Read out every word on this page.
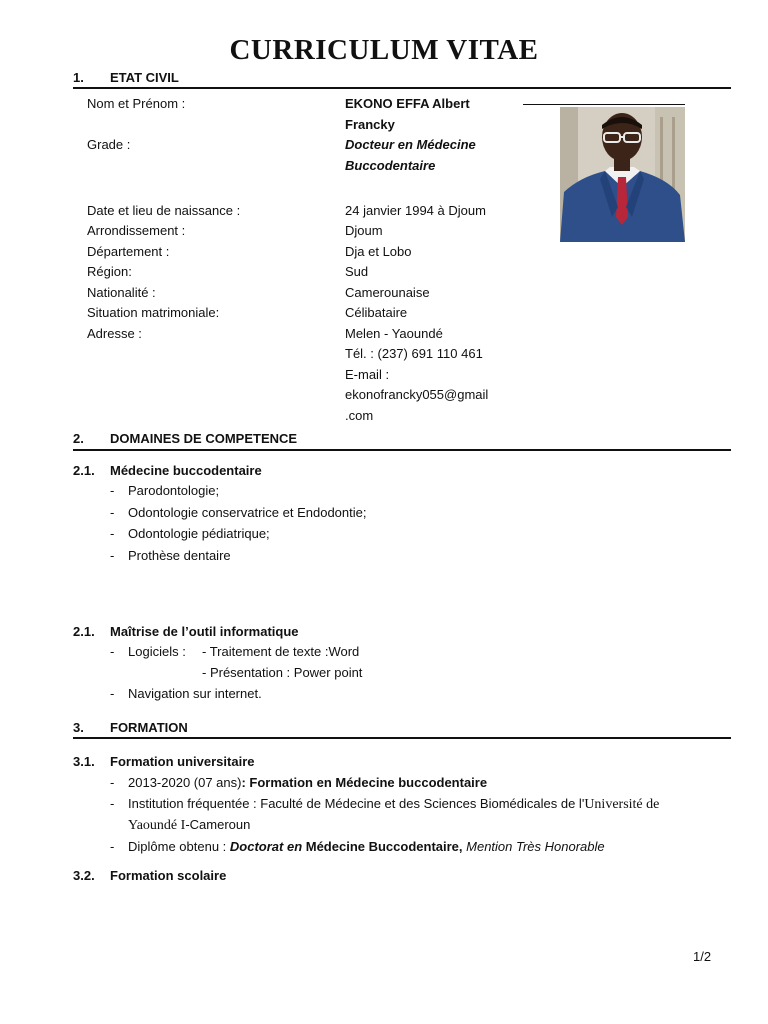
CURRICULUM VITAE
1. ETAT CIVIL
Nom et Prénom :	EKONO EFFA Albert
Francky
Grade :	Docteur en Médecine
Buccodentaire
Date et lieu de naissance :	24 janvier 1994 à Djoum
Arrondissement :	Djoum
Département :	Dja et Lobo
Région:	Sud
Nationalité :	Camerounaise
Situation matrimoniale:	Célibataire
Adresse :	Melen - Yaoundé
Tél. : (237) 691 110 461
E-mail :
ekonofrancky055@gmail
.com
2. DOMAINES DE COMPETENCE
2.1. Médecine buccodentaire
- Parodontologie;
- Odontologie conservatrice et Endodontie;
- Odontologie pédiatrique;
- Prothèse dentaire
2.1. Maîtrise de l’outil informatique
- Logiciels : - Traitement de texte :Word
- Présentation : Power point
- Navigation sur internet.
3. FORMATION
3.1. Formation universitaire
- 2013-2020 (07 ans): Formation en Médecine buccodentaire
- Institution fréquentée : Faculté de Médecine et des Sciences Biomédicales de l'Université de
Yaoundé I-Cameroun
- Diplôme obtenu : Doctorat en Médecine Buccodentaire, Mention Très Honorable
3.2. Formation scolaire
1/2
